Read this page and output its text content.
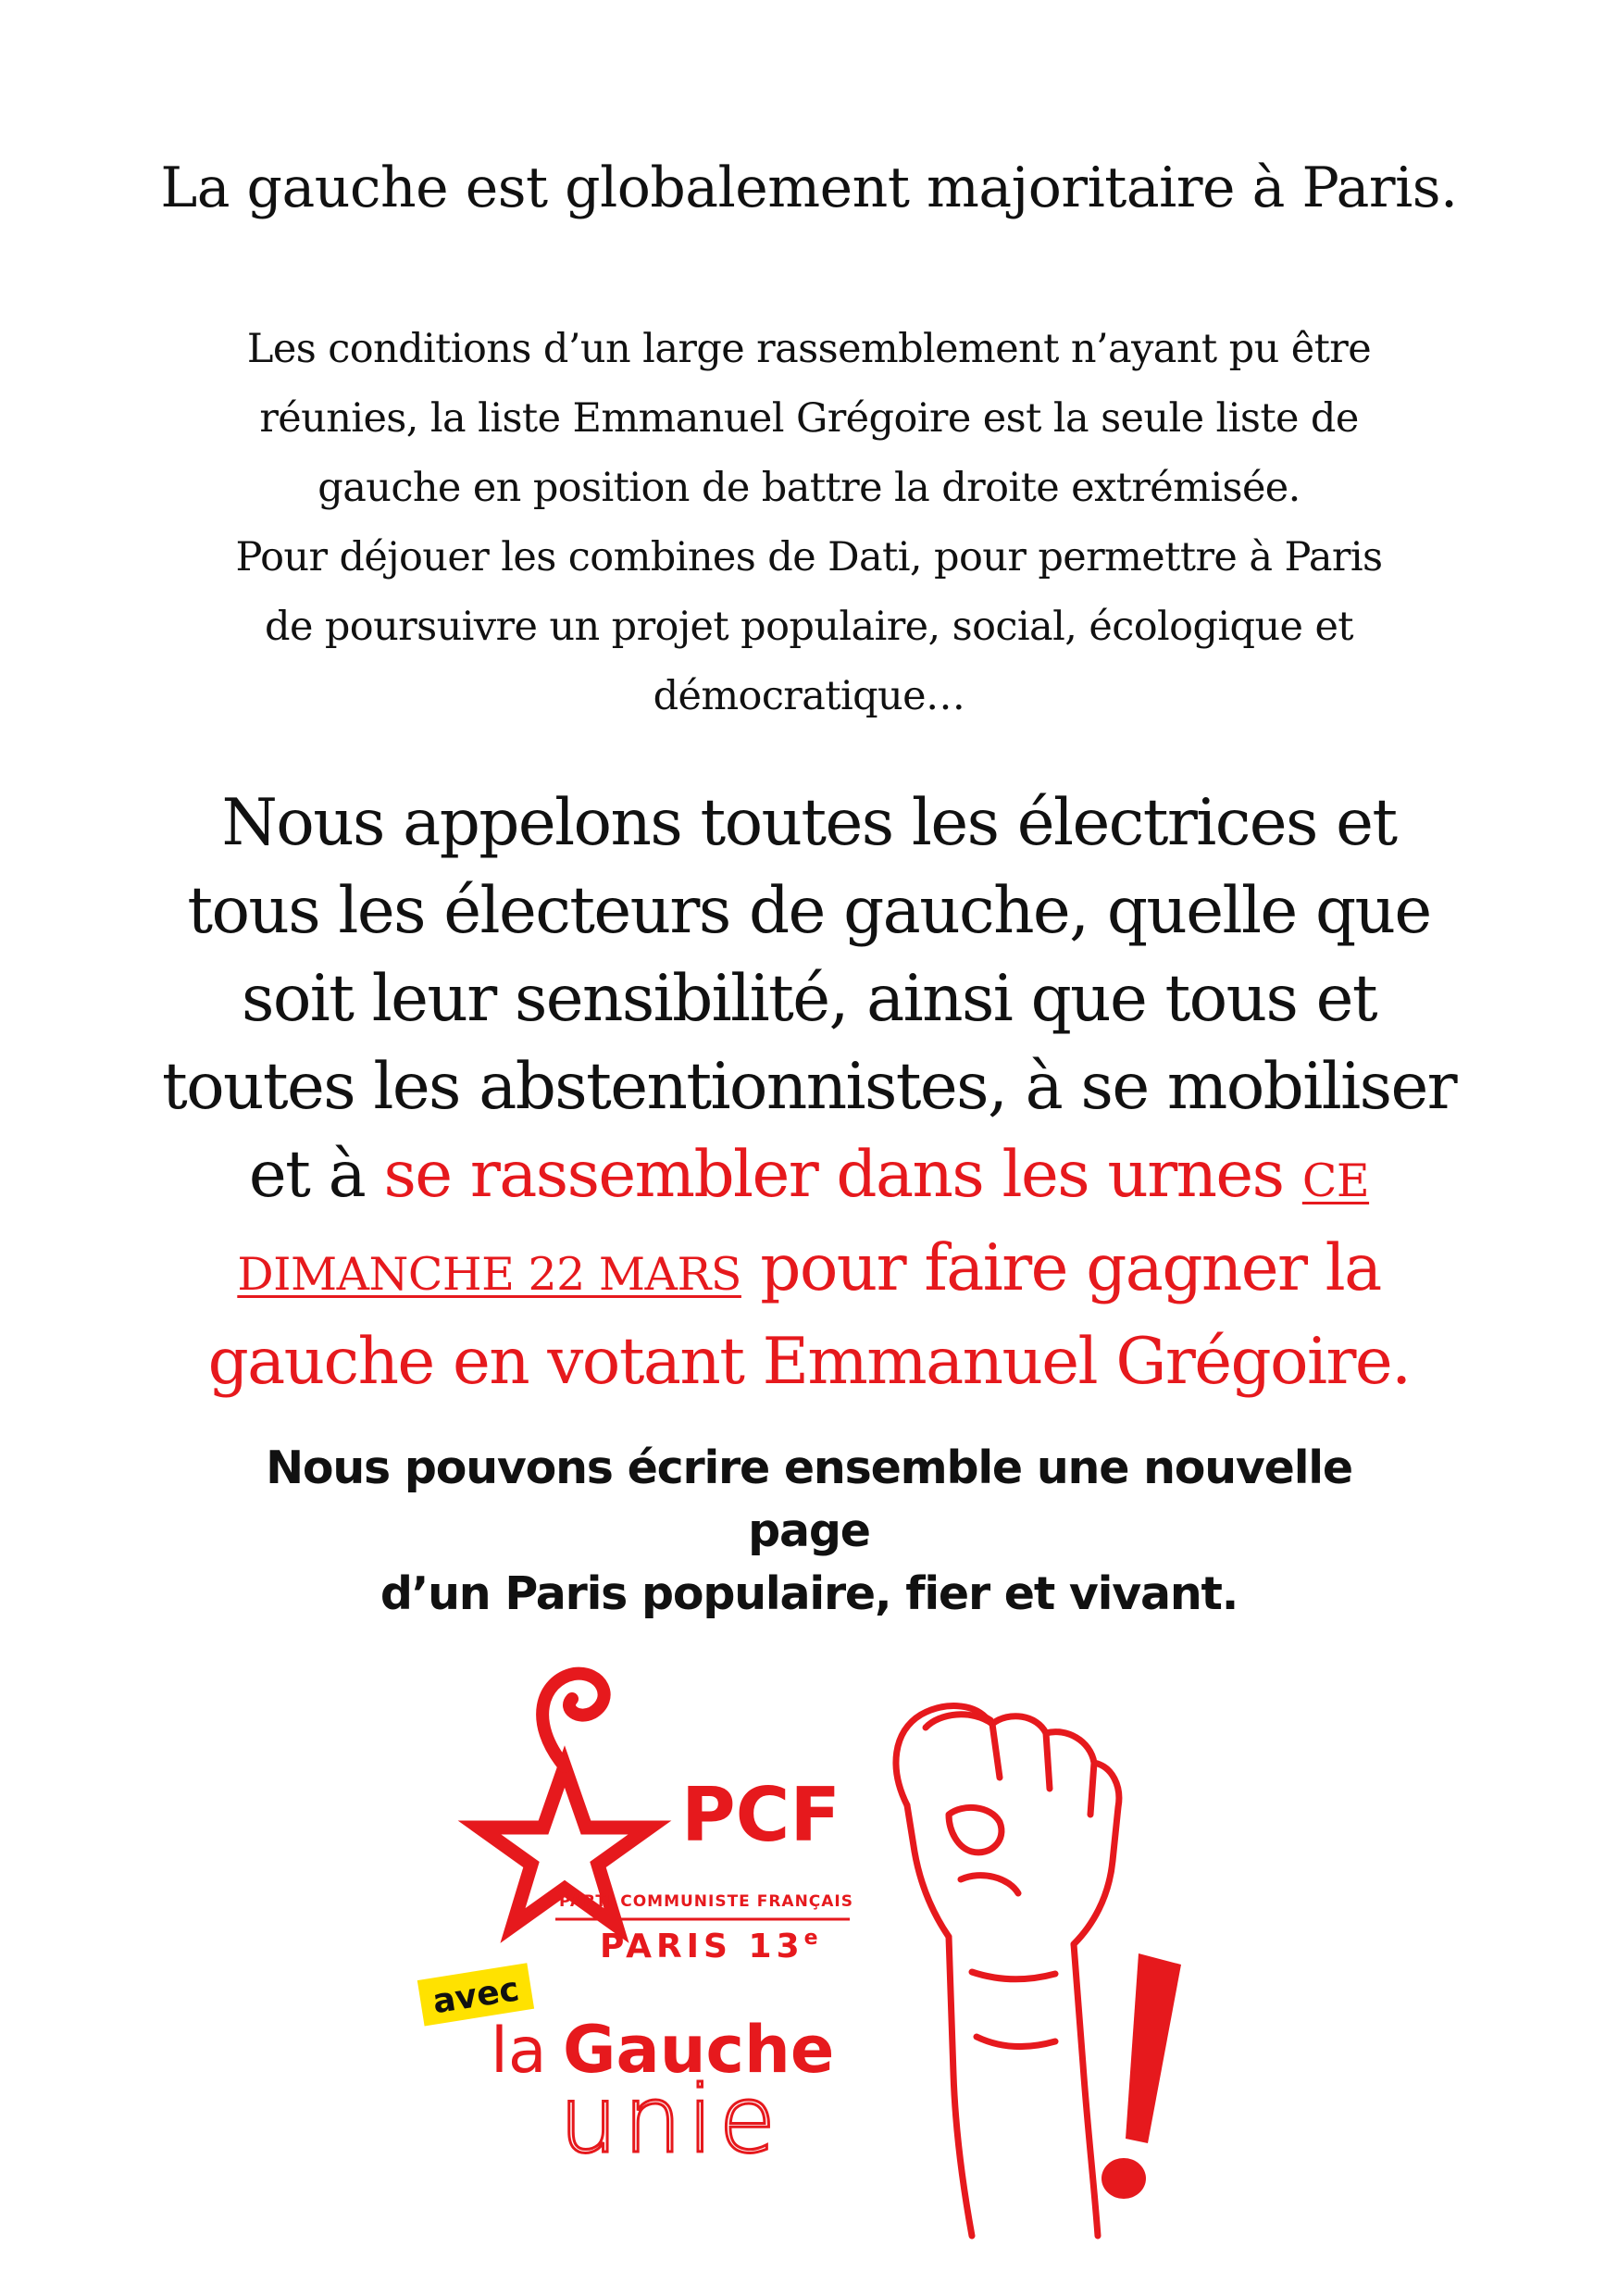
La gauche est globalement majoritaire à Paris.

Les conditions d’un large rassemblement n’ayant pu être réunies, la liste Emmanuel Grégoire est la seule liste de gauche en position de battre la droite extrémisée.

Pour déjouer les combines de Dati, pour permettre à Paris de poursuivre un projet populaire, social, écologique et démocratique…

Nous appelons toutes les électrices et tous les électeurs de gauche, quelle que soit leur sensibilité, ainsi que tous et toutes les abstentionnistes, à se mobiliser et à se rassembler dans les urnes CE DIMANCHE 22 MARS pour faire gagner la gauche en votant Emmanuel Grégoire.

Nous pouvons écrire ensemble une nouvelle page
d’un Paris populaire, fier et vivant.
PCF
PARTI COMMUNISTE FRANÇAIS
PARIS 13e
avec
la Gauche
unie
!
